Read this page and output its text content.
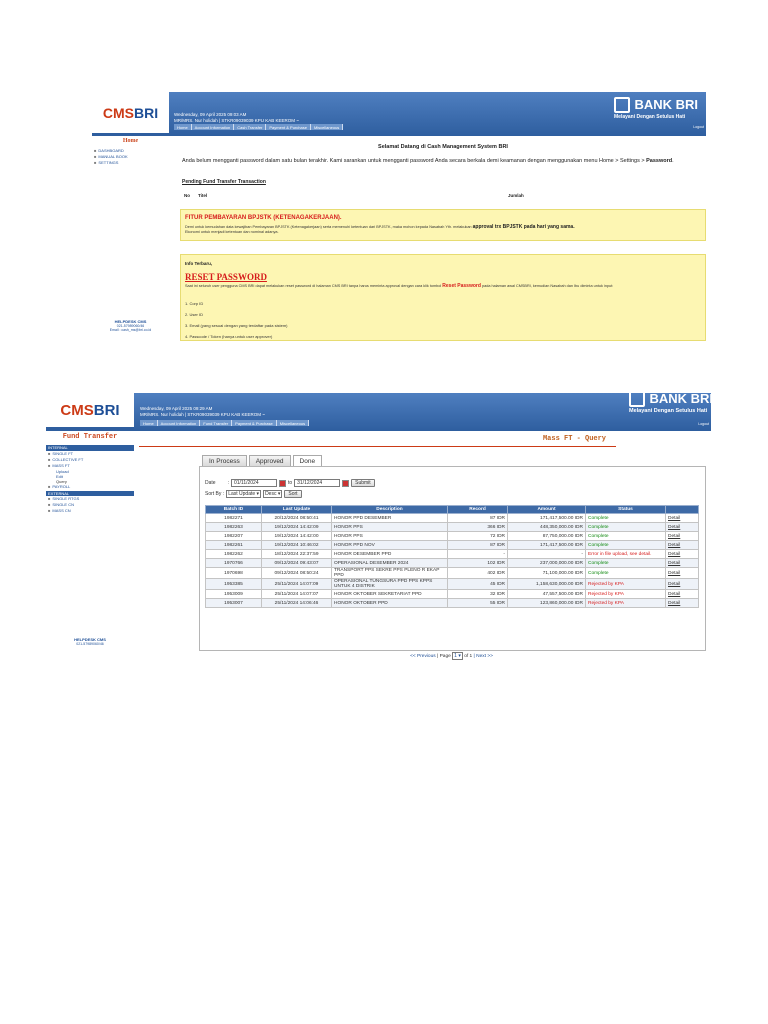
Wednesday, 09 April 2025 09:03 AM
MR/MRS. Nur holidah | STKR09039039 KPU KAB KEEROM ~
Home	Account Information	Cash Transfer	Payment & Purchase	Miscellaneous
BANK BRI
Melayani Dengan Setulus Hati
Logout
CMS BRI
Home
■ DASHBOARD
■ MANUAL BOOK
■ SETTINGS
HELPDESK CMS
021-57989060/46
Email : cash_ms@bri.co.id
Selamat Datang di Cash Management System BRI
Anda belum mengganti password dalam satu bulan terakhir. Kami sarankan untuk mengganti password Anda secara berkala demi keamanan dengan menggunakan menu Home > Settings > Password.
Pending Fund Transfer Transaction
No Titel	Jumlah
FITUR PEMBAYARAN BPJSTK (KETENAGAKERJAAN).
Demi untuk kemudahan data kewajiban Pembayaran BPJSTK (Ketenagakerjaan) serta memenuhi ketentuan dari BPJSTK, maka mohon kepada Nasabah Yth. melakukan approval trx BPJSTK pada hari yang sama.
Ekonomi untuk menjadi ketentuan dan nominal adanya.
Info Terbaru,
RESET PASSWORD
Saat ini seluruh user pengguna CMS BRI dapat melakukan reset password di halaman CMS BRI tanpa harus meminta approval dengan cara klik tombol Reset Password pada halaman awal CMSBRI, kemudian Nasabah dan Ibu diminta untuk input:
1. Corp ID
2. User ID
3. Email (yang sesuai dengan yang terdaftar pada sistem)
4. Passcode / Token (hanya untuk user approver)
Wednesday, 09 April 2025 09:29 AM
MR/MRS. Nur holidah | STKR09039039 KPU KAB KEEROM ~
Home	Account Information	Fund Transfer	Payment & Purchase	Miscellaneous
BANK BRI
Melayani Dengan Setulus Hati
Logout
CMS BRI
Fund Transfer
INTERNAL
■ SINGLE FT
■ COLLECTIVE FT
■ MASS FT
Upload
Edit
Query
■ PAYROLL
EXTERNAL
■ SINGLE RTGS
■ SINGLE CN
■ MASS CN
HELPDESK CMS
021-57989060/46
Mass FT - Query
In Process	Approved	Done
Date :	01/11/2024	to	31/12/2024	Submit
Sort By : Last Update ▾	Desc ▾	Sort
Batch ID	Last Update	Description	Record	Amount	Status	
1982271	20/12/2024 08:50:41	HONOR PPD DESEMBER	87 IDR	171,417,500.00 IDR	Complete	Detail
1982263	19/12/2024 14:42:09	HONOR PPS	366 IDR	448,350,000.00 IDR	Complete	Detail
1982207	19/12/2024 14:42:00	HONOR PPS	72 IDR	87,750,000.00 IDR	Complete	Detail
1982261	19/12/2024 10:46:02	HONOR PPD NOV	87 IDR	171,417,500.00 IDR	Complete	Detail
1982262	18/12/2024 22:37:59	HONOR DESEMBER PPD	-	-	Error in file upload, see detail.	Detail
1970766	09/12/2024 09:43:07	OPERASIONAL DESEMBER 2024	102 IDR	237,000,000.00 IDR	Complete	Detail
1970698	09/12/2024 08:50:24	TRANSPORT PPS SEKRE PPS PLENO R EKAP PPD	402 IDR	71,100,000.00 IDR	Complete	Detail
1953385	25/11/2024 14:07:09	OPERASIONAL TUNGSURA PPD PPS KPPS UNTUK 4 DISTRIK	45 IDR	1,158,630,000.00 IDR	Rejected by KPA	Detail
1953009	25/11/2024 14:07:07	HONOR OKTOBER SEKRETARIAT PPD	32 IDR	47,557,500.00 IDR	Rejected by KPA	Detail
1953007	25/11/2024 14:06:46	HONOR OKTOBER PPD	55 IDR	123,860,000.00 IDR	Rejected by KPA	Detail
<< Previous | Page 1 ▾ of 1 | Next >>
